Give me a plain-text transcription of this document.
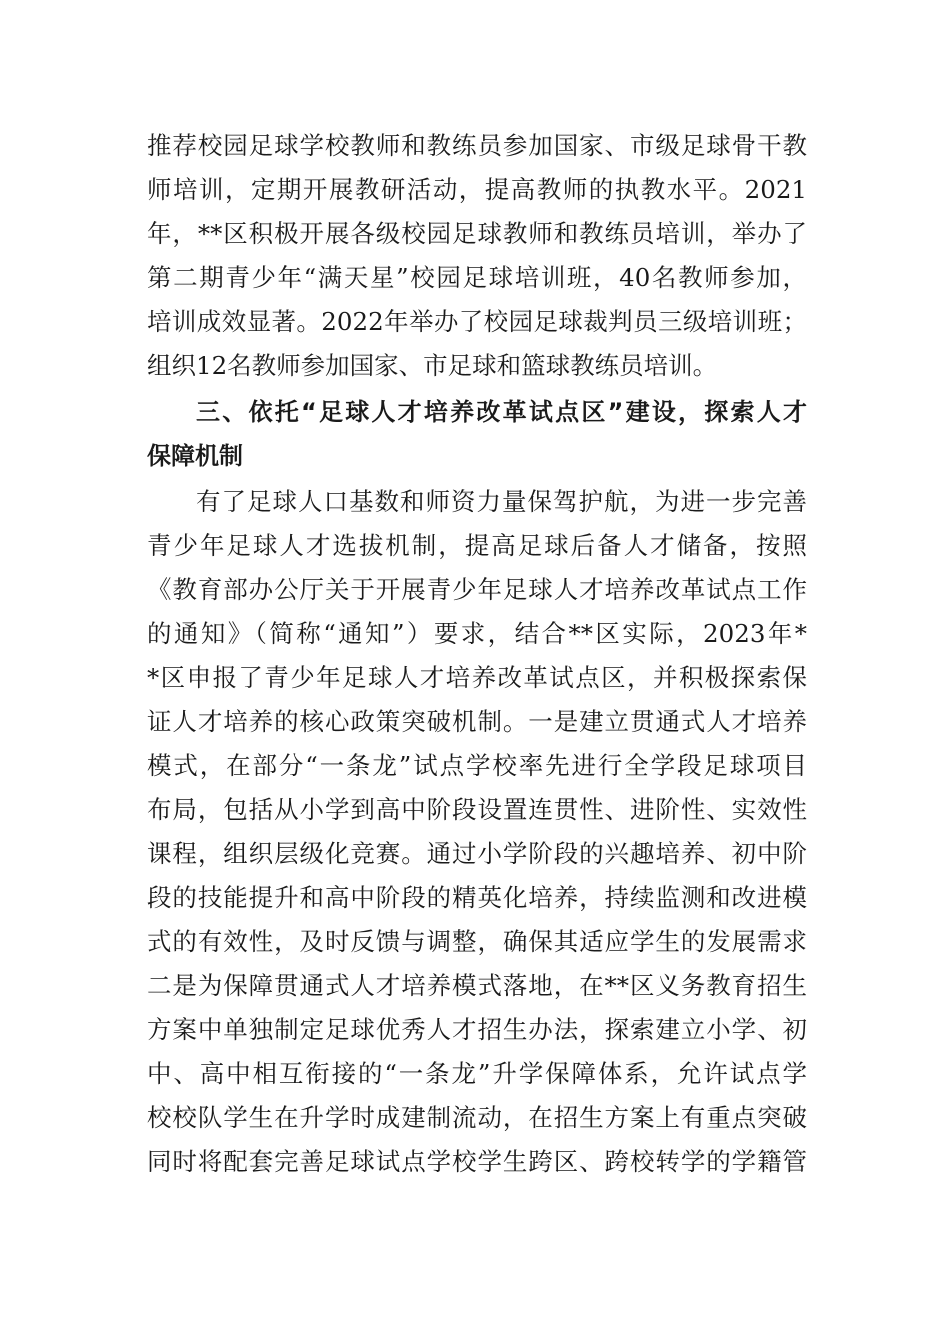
推荐校园足球学校教师和教练员参加国家、市级足球骨干教
师培训，定期开展教研活动，提高教师的执教水平。2021
年，**区积极开展各级校园足球教师和教练员培训，举办了
第二期青少年“满天星”校园足球培训班，40名教师参加，
培训成效显著。2022年举办了校园足球裁判员三级培训班；
组织12名教师参加国家、市足球和篮球教练员培训。
三、依托“足球人才培养改革试点区”建设，探索人才
保障机制
有了足球人口基数和师资力量保驾护航，为进一步完善
青少年足球人才选拔机制，提高足球后备人才储备，按照
《教育部办公厅关于开展青少年足球人才培养改革试点工作
的通知》（简称“通知”）要求，结合**区实际，2023年*
*区申报了青少年足球人才培养改革试点区，并积极探索保
证人才培养的核心政策突破机制。一是建立贯通式人才培养
模式，在部分“一条龙”试点学校率先进行全学段足球项目
布局，包括从小学到高中阶段设置连贯性、进阶性、实效性
课程，组织层级化竞赛。通过小学阶段的兴趣培养、初中阶
段的技能提升和高中阶段的精英化培养，持续监测和改进模
式的有效性，及时反馈与调整，确保其适应学生的发展需求
二是为保障贯通式人才培养模式落地，在**区义务教育招生
方案中单独制定足球优秀人才招生办法，探索建立小学、初
中、高中相互衔接的“一条龙”升学保障体系，允许试点学
校校队学生在升学时成建制流动，在招生方案上有重点突破
同时将配套完善足球试点学校学生跨区、跨校转学的学籍管
